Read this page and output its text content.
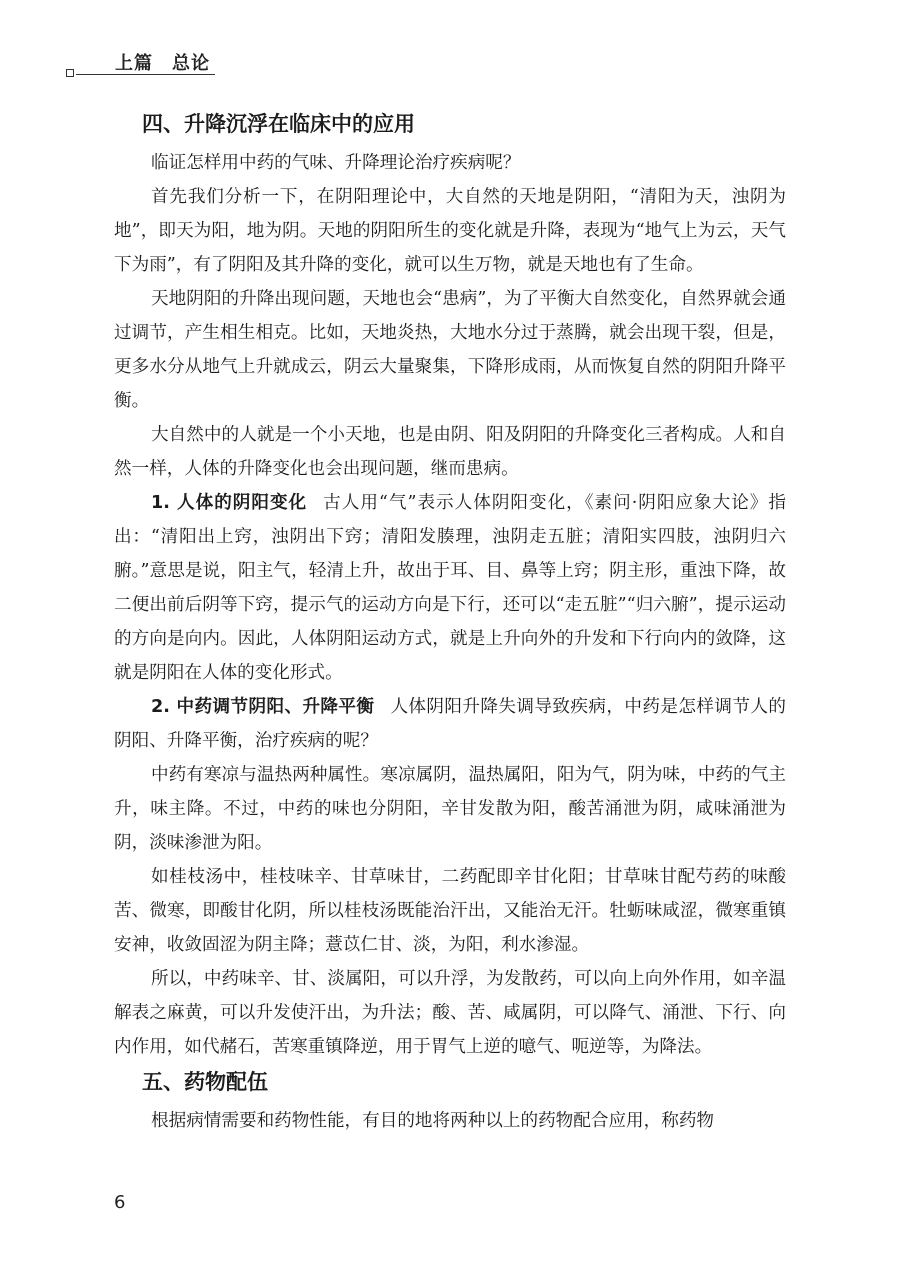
上篇　总论
四、升降沉浮在临床中的应用

临证怎样用中药的气味、升降理论治疗疾病呢？

首先我们分析一下，在阴阳理论中，大自然的天地是阴阳，“清阳为天，浊阴为地”，即天为阳，地为阴。天地的阴阳所生的变化就是升降，表现为“地气上为云，天气下为雨”，有了阴阳及其升降的变化，就可以生万物，就是天地也有了生命。

天地阴阳的升降出现问题，天地也会“患病”，为了平衡大自然变化，自然界就会通过调节，产生相生相克。比如，天地炎热，大地水分过于蒸腾，就会出现干裂，但是，更多水分从地气上升就成云，阴云大量聚集，下降形成雨，从而恢复自然的阴阳升降平衡。

大自然中的人就是一个小天地，也是由阴、阳及阴阳的升降变化三者构成。人和自然一样，人体的升降变化也会出现问题，继而患病。

1. 人体的阴阳变化 古人用“气”表示人体阴阳变化，《素问·阴阳应象大论》指出：“清阳出上窍，浊阴出下窍；清阳发腠理，浊阴走五脏；清阳实四肢，浊阴归六腑。”意思是说，阳主气，轻清上升，故出于耳、目、鼻等上窍；阴主形，重浊下降，故二便出前后阴等下窍，提示气的运动方向是下行，还可以“走五脏”“归六腑”，提示运动的方向是向内。因此，人体阴阳运动方式，就是上升向外的升发和下行向内的敛降，这就是阴阳在人体的变化形式。

2. 中药调节阴阳、升降平衡 人体阴阳升降失调导致疾病，中药是怎样调节人的阴阳、升降平衡，治疗疾病的呢？

中药有寒凉与温热两种属性。寒凉属阴，温热属阳，阳为气，阴为味，中药的气主升，味主降。不过，中药的味也分阴阳，辛甘发散为阳，酸苦涌泄为阴，咸味涌泄为阴，淡味渗泄为阳。

如桂枝汤中，桂枝味辛、甘草味甘，二药配即辛甘化阳；甘草味甘配芍药的味酸苦、微寒，即酸甘化阴，所以桂枝汤既能治汗出，又能治无汗。牡蛎味咸涩，微寒重镇安神，收敛固涩为阴主降；薏苡仁甘、淡，为阳，利水渗湿。

所以，中药味辛、甘、淡属阳，可以升浮，为发散药，可以向上向外作用，如辛温解表之麻黄，可以升发使汗出，为升法；酸、苦、咸属阴，可以降气、涌泄、下行、向内作用，如代赭石，苦寒重镇降逆，用于胃气上逆的噫气、呃逆等，为降法。

五、药物配伍

根据病情需要和药物性能，有目的地将两种以上的药物配合应用，称药物

6
